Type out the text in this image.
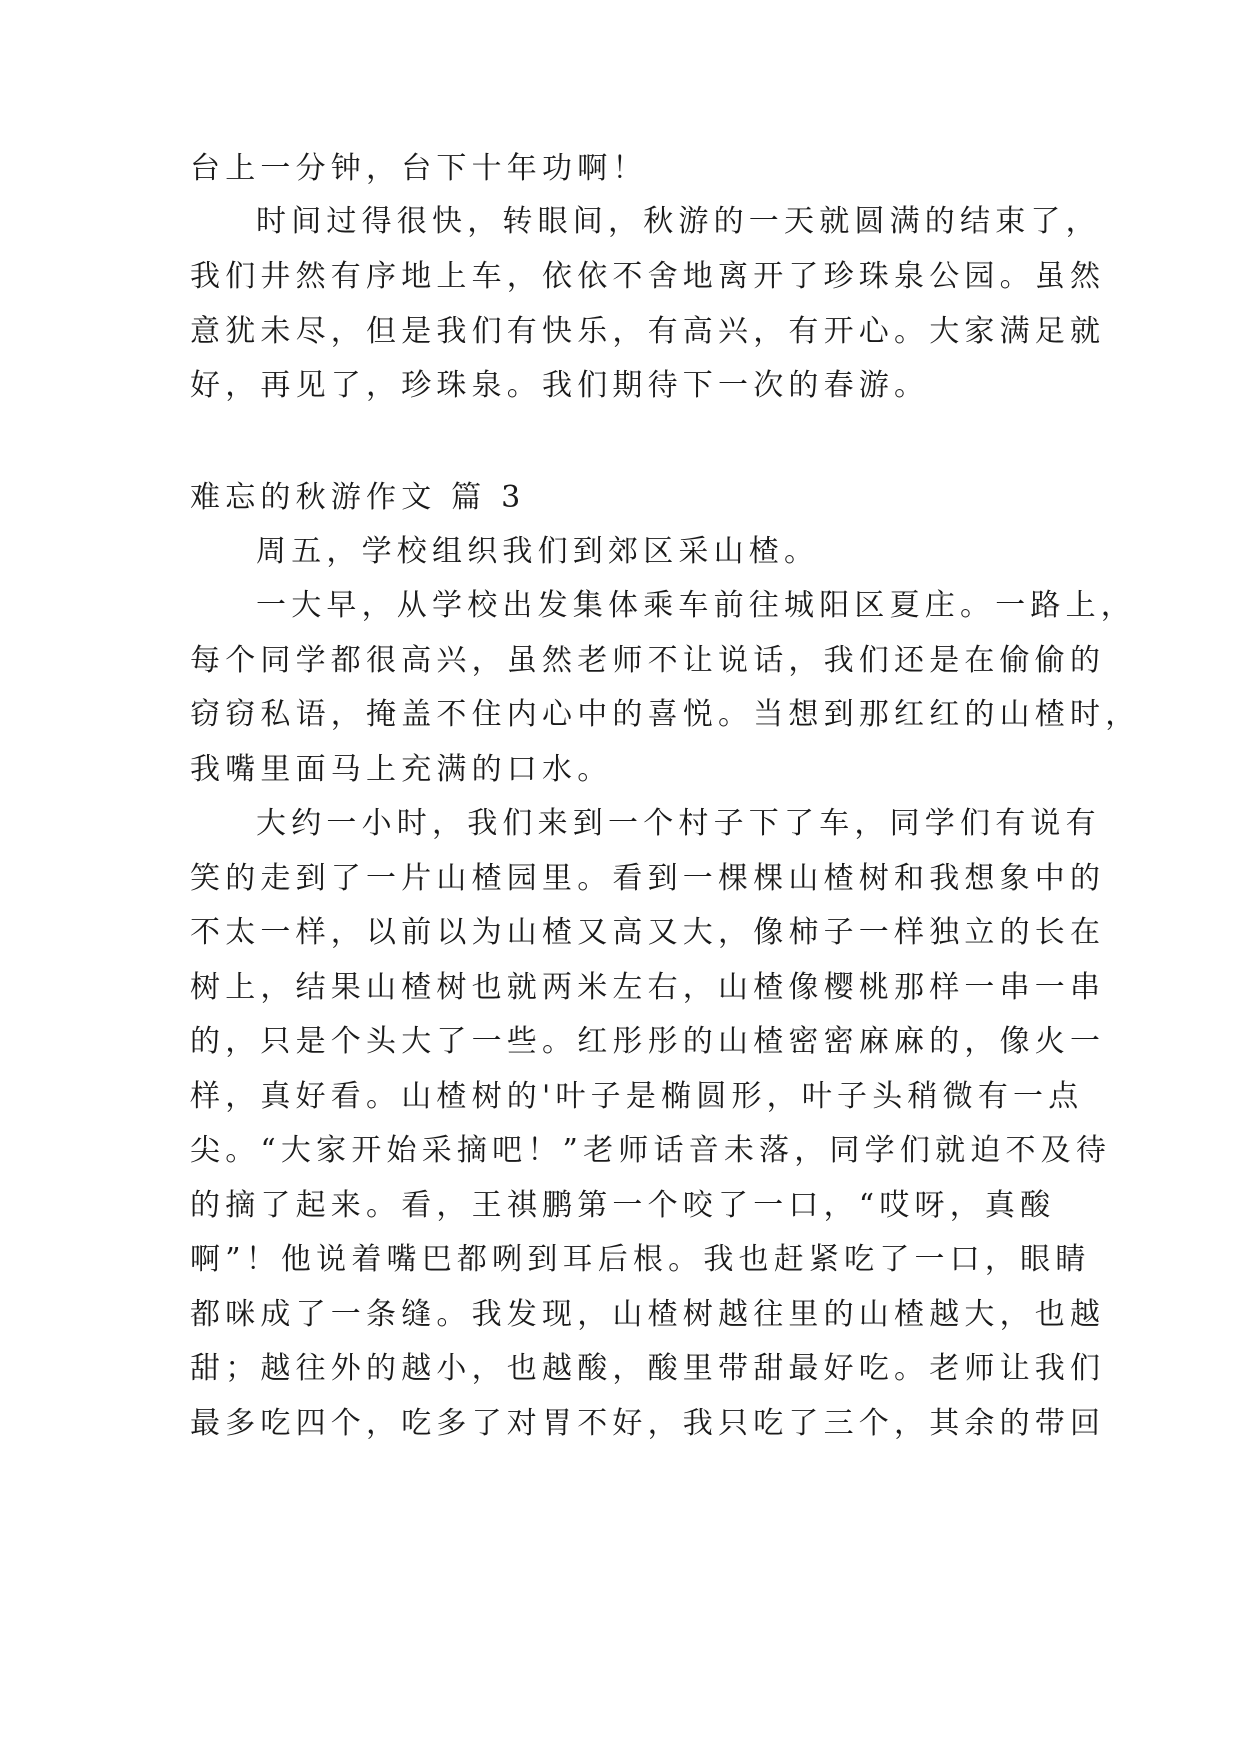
台上一分钟，台下十年功啊！
时间过得很快，转眼间，秋游的一天就圆满的结束了，
我们井然有序地上车，依依不舍地离开了珍珠泉公园。虽然
意犹未尽，但是我们有快乐，有高兴，有开心。大家满足就
好，再见了，珍珠泉。我们期待下一次的春游。
难忘的秋游作文 篇 3
周五，学校组织我们到郊区采山楂。
一大早，从学校出发集体乘车前往城阳区夏庄。一路上，
每个同学都很高兴，虽然老师不让说话，我们还是在偷偷的
窃窃私语，掩盖不住内心中的喜悦。当想到那红红的山楂时，
我嘴里面马上充满的口水。
大约一小时，我们来到一个村子下了车，同学们有说有
笑的走到了一片山楂园里。看到一棵棵山楂树和我想象中的
不太一样，以前以为山楂又高又大，像柿子一样独立的长在
树上，结果山楂树也就两米左右，山楂像樱桃那样一串一串
的，只是个头大了一些。红彤彤的山楂密密麻麻的，像火一
样，真好看。山楂树的'叶子是椭圆形，叶子头稍微有一点
尖。“大家开始采摘吧！”老师话音未落，同学们就迫不及待
的摘了起来。看，王祺鹏第一个咬了一口，“哎呀，真酸
啊”！他说着嘴巴都咧到耳后根。我也赶紧吃了一口，眼睛
都咪成了一条缝。我发现，山楂树越往里的山楂越大，也越
甜；越往外的越小，也越酸，酸里带甜最好吃。老师让我们
最多吃四个，吃多了对胃不好，我只吃了三个，其余的带回
